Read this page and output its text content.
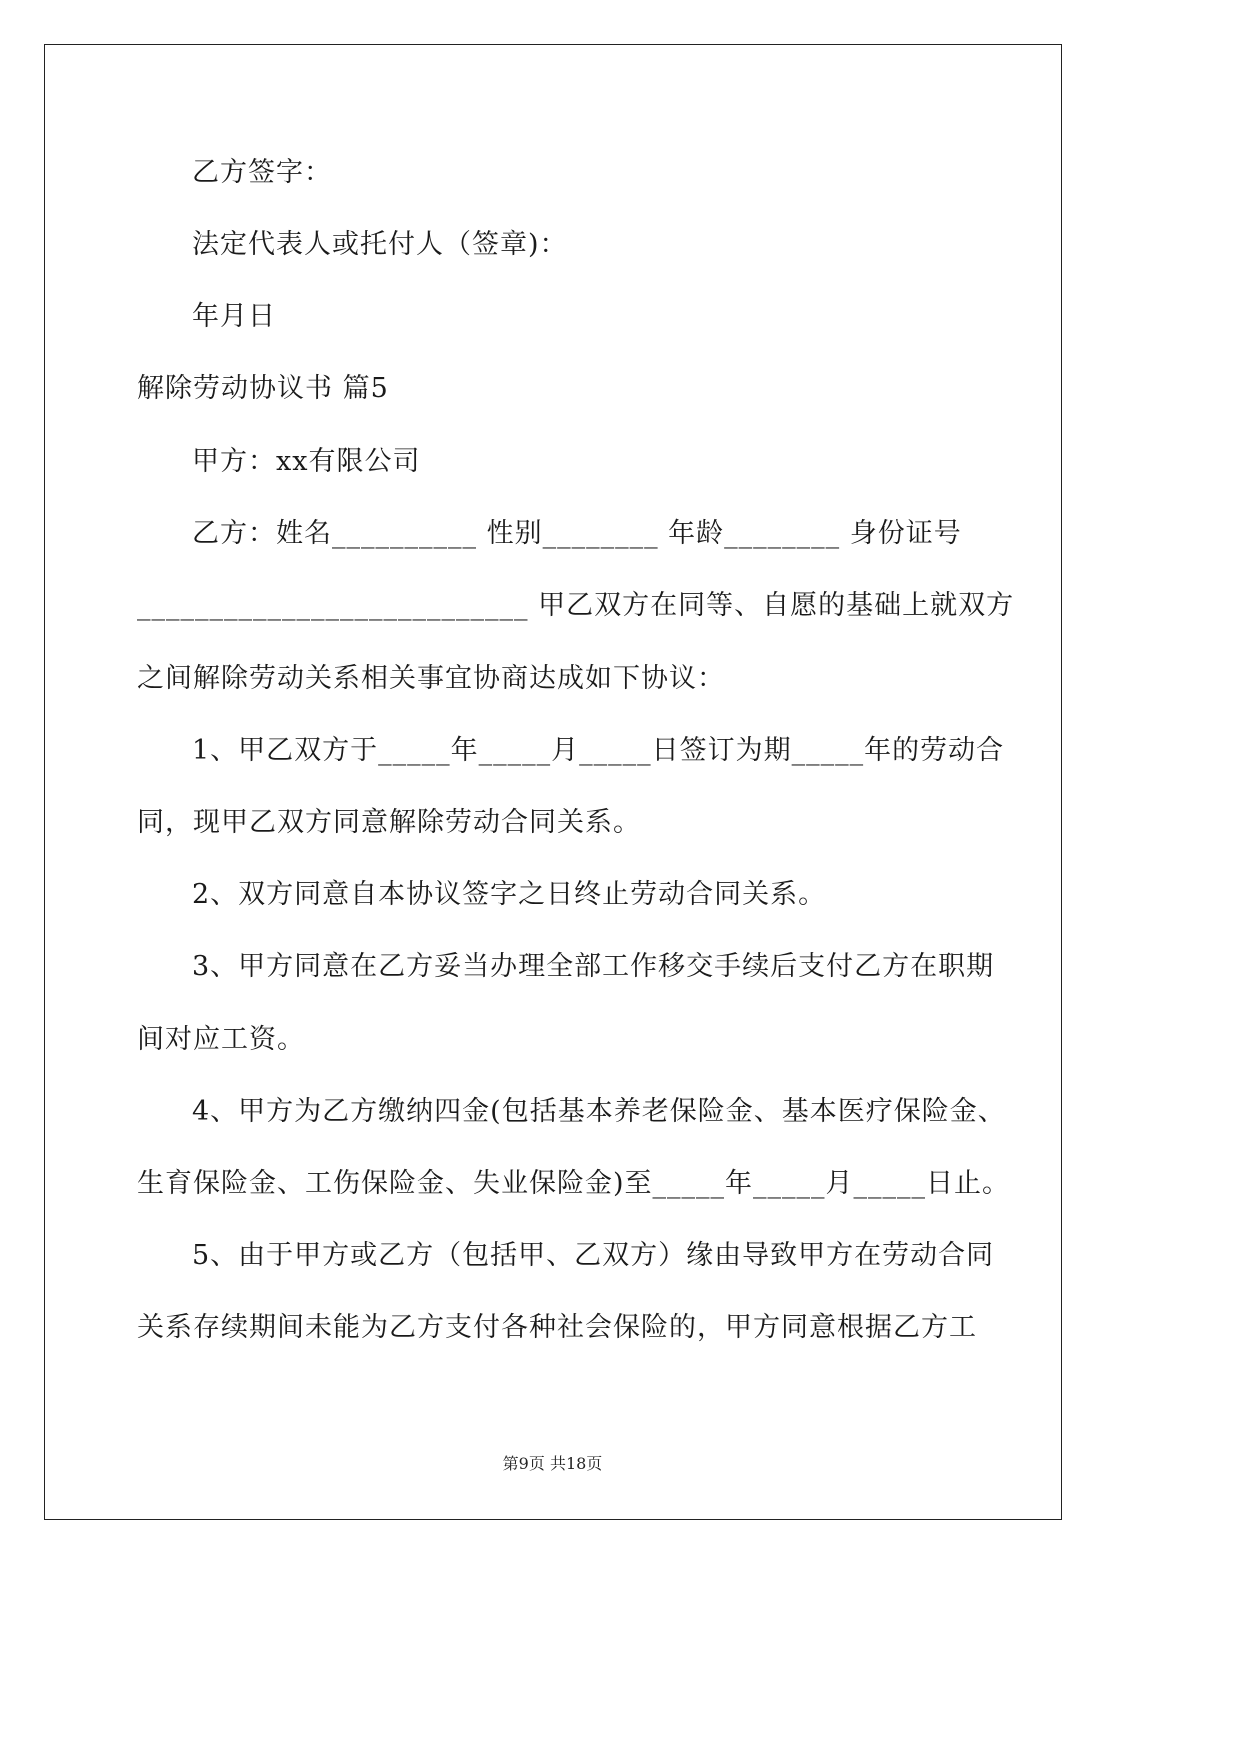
乙方签字：
法定代表人或托付人（签章)：
年月日
解除劳动协议书 篇5
甲方：xx有限公司
乙方：姓名__________ 性别________ 年龄________ 身份证号
___________________________ 甲乙双方在同等、自愿的基础上就双方
之间解除劳动关系相关事宜协商达成如下协议：
1、甲乙双方于_____年_____月_____日签订为期_____年的劳动合
同，现甲乙双方同意解除劳动合同关系。
2、双方同意自本协议签字之日终止劳动合同关系。
3、甲方同意在乙方妥当办理全部工作移交手续后支付乙方在职期
间对应工资。
4、甲方为乙方缴纳四金(包括基本养老保险金、基本医疗保险金、
生育保险金、工伤保险金、失业保险金)至_____年_____月_____日止。
5、由于甲方或乙方（包括甲、乙双方）缘由导致甲方在劳动合同
关系存续期间未能为乙方支付各种社会保险的，甲方同意根据乙方工
第9页 共18页
